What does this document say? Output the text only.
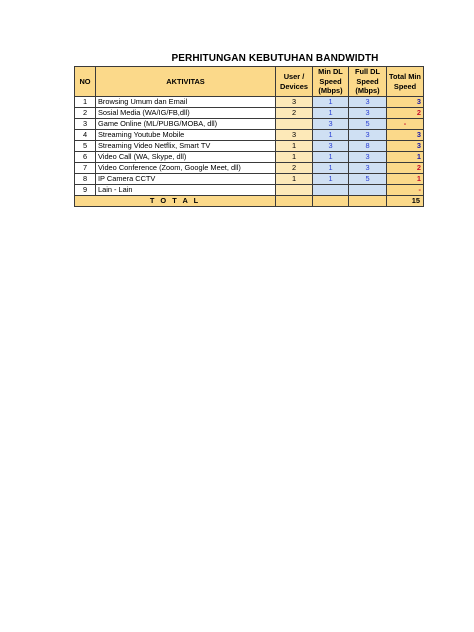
PERHITUNGAN KEBUTUHAN BANDWIDTH
NO	AKTIVITAS	User / Devices	Min DL Speed (Mbps)	Full DL Speed (Mbps)	Total Min Speed
1	Browsing Umum dan Email	3	1	3	3
2	Sosial Media (WA/IG/FB,dll)	2	1	3	2
3	Game Online (ML/PUBG/MOBA, dll)		3	5	-
4	Streaming Youtube Mobile	3	1	3	3
5	Streaming Video Netflix, Smart TV	1	3	8	3
6	Video Call (WA, Skype, dll)	1	1	3	1
7	Video Conference (Zoom, Google Meet, dll)	2	1	3	2
8	IP Camera CCTV	1	1	5	1
9	Lain - Lain				-
T O T A L					15
